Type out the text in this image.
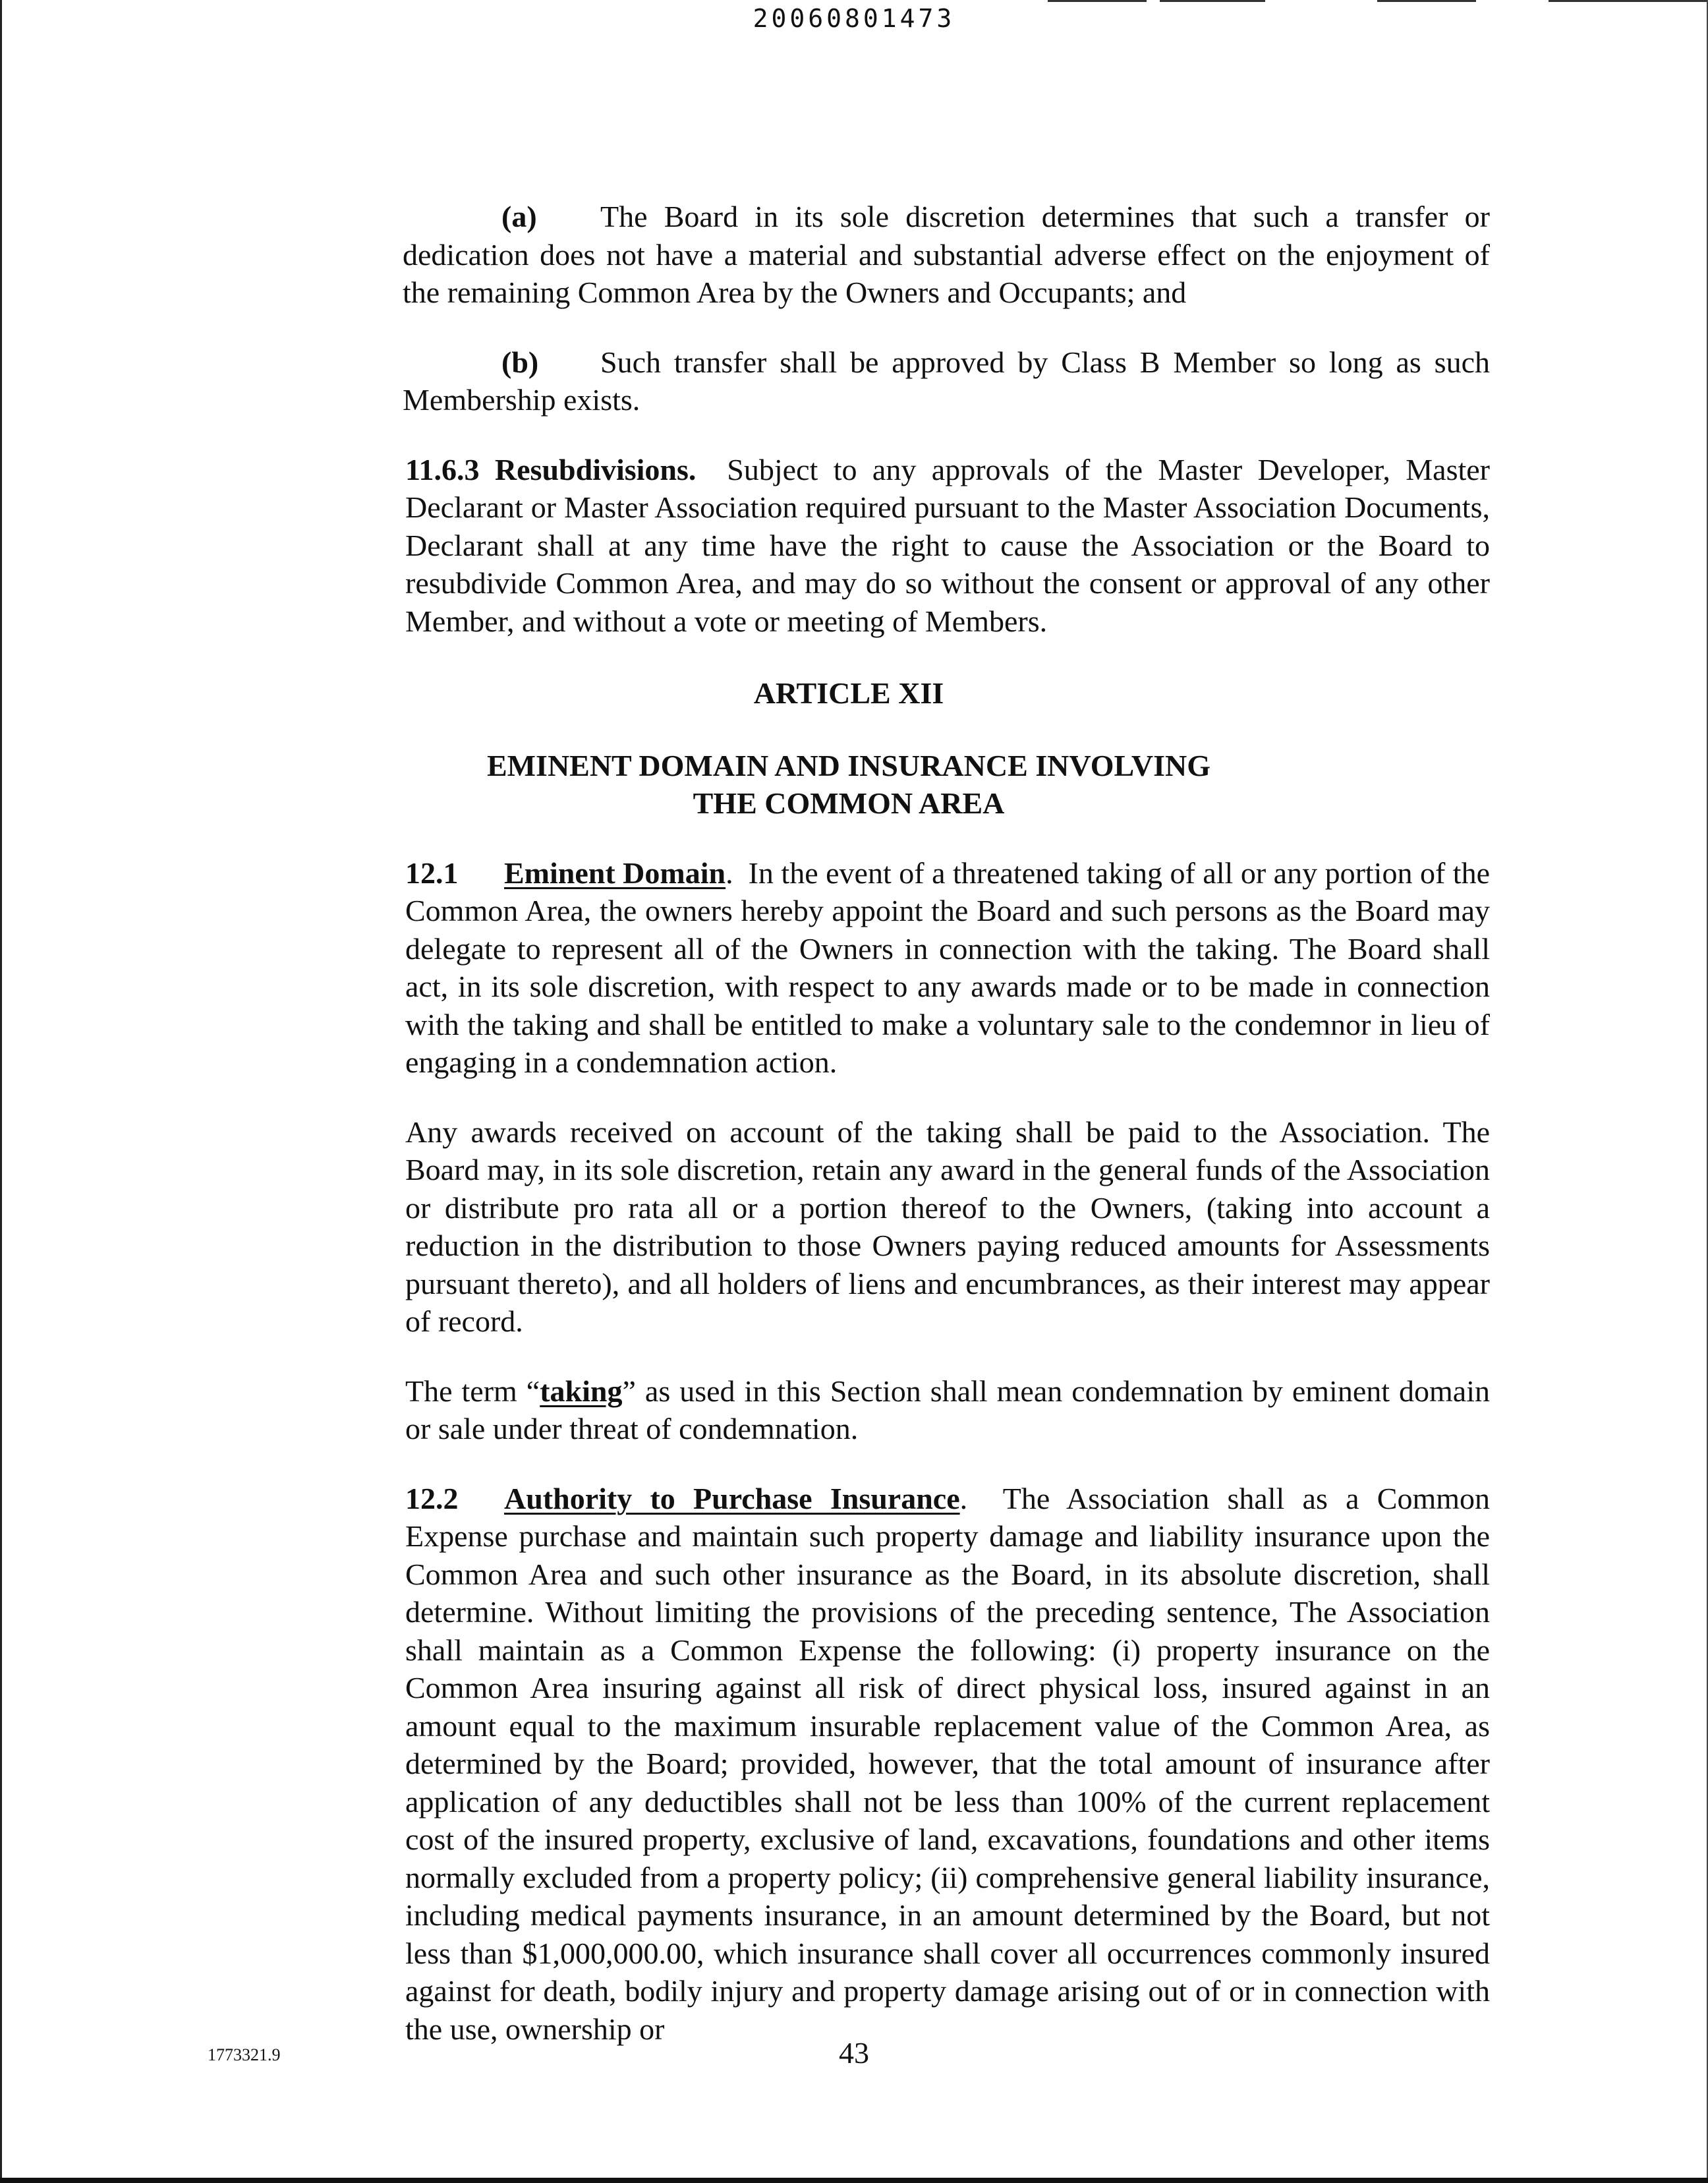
20060801473

(a) The Board in its sole discretion determines that such a transfer or dedication does not have a material and substantial adverse effect on the enjoyment of the remaining Common Area by the Owners and Occupants; and

(b) Such transfer shall be approved by Class B Member so long as such Membership exists.

11.6.3 Resubdivisions. Subject to any approvals of the Master Developer, Master Declarant or Master Association required pursuant to the Master Association Documents, Declarant shall at any time have the right to cause the Association or the Board to resubdivide Common Area, and may do so without the consent or approval of any other Member, and without a vote or meeting of Members.

ARTICLE XII

EMINENT DOMAIN AND INSURANCE INVOLVING
THE COMMON AREA

12.1 Eminent Domain.  In the event of a threatened taking of all or any portion of the Common Area, the owners hereby appoint the Board and such persons as the Board may delegate to represent all of the Owners in connection with the taking. The Board shall act, in its sole discretion, with respect to any awards made or to be made in connection with the taking and shall be entitled to make a voluntary sale to the condemnor in lieu of engaging in a condemnation action.

Any awards received on account of the taking shall be paid to the Association. The Board may, in its sole discretion, retain any award in the general funds of the Association or distribute pro rata all or a portion thereof to the Owners, (taking into account a reduction in the distribution to those Owners paying reduced amounts for Assessments pursuant thereto), and all holders of liens and encumbrances, as their interest may appear of record.

The term “taking” as used in this Section shall mean condemnation by eminent domain or sale under threat of condemnation.

12.2 Authority to Purchase Insurance.  The Association shall as a Common Expense purchase and maintain such property damage and liability insurance upon the Common Area and such other insurance as the Board, in its absolute discretion, shall determine. Without limiting the provisions of the preceding sentence, The Association shall maintain as a Common Expense the following: (i) property insurance on the Common Area insuring against all risk of direct physical loss, insured against in an amount equal to the maximum insurable replacement value of the Common Area, as determined by the Board; provided, however, that the total amount of insurance after application of any deductibles shall not be less than 100% of the current replacement cost of the insured property, exclusive of land, excavations, foundations and other items normally excluded from a property policy; (ii) comprehensive general liability insurance, including medical payments insurance, in an amount determined by the Board, but not less than $1,000,000.00, which insurance shall cover all occurrences commonly insured against for death, bodily injury and property damage arising out of or in connection with the use, ownership or

1773321.9	43
